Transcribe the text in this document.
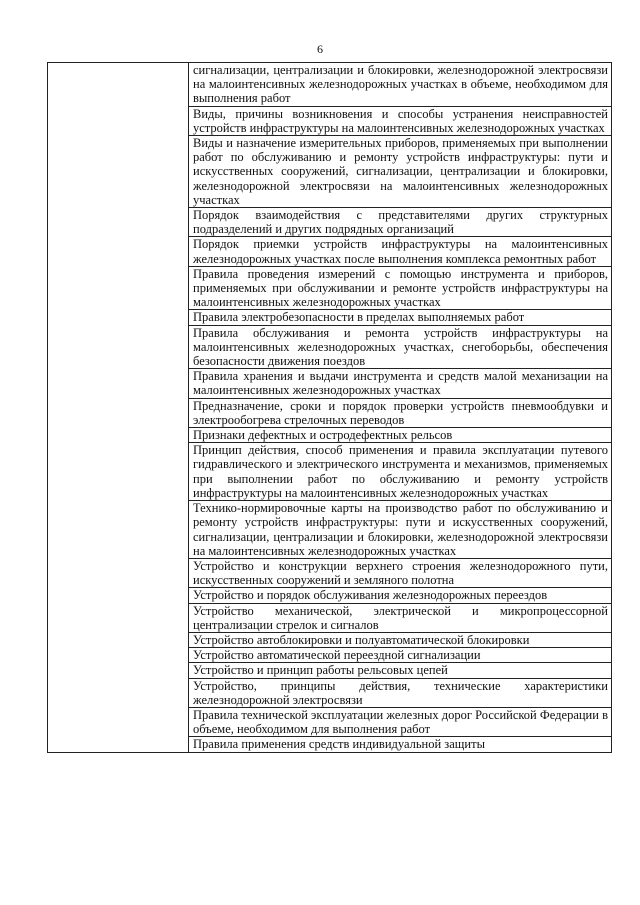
6
	сигнализации, централизации и блокировки, железнодорожной электросвязи на малоинтенсивных железнодорожных участках в объеме, необходимом для выполнения работ
Виды, причины возникновения и способы устранения неисправностей устройств инфраструктуры на малоинтенсивных железнодорожных участках
Виды и назначение измерительных приборов, применяемых при выполнении работ по обслуживанию и ремонту устройств инфраструктуры: пути и искусственных сооружений, сигнализации, централизации и блокировки, железнодорожной электросвязи на малоинтенсивных железнодорожных участках
Порядок взаимодействия с представителями других структурных подразделений и других подрядных организаций
Порядок приемки устройств инфраструктуры на малоинтенсивных железнодорожных участках после выполнения комплекса ремонтных работ
Правила проведения измерений с помощью инструмента и приборов, применяемых при обслуживании и ремонте устройств инфраструктуры на малоинтенсивных железнодорожных участках
Правила электробезопасности в пределах выполняемых работ
Правила обслуживания и ремонта устройств инфраструктуры на малоинтенсивных железнодорожных участках, снегоборьбы, обеспечения безопасности движения поездов
Правила хранения и выдачи инструмента и средств малой механизации на малоинтенсивных железнодорожных участках
Предназначение, сроки и порядок проверки устройств пневмообдувки и электрообогрева стрелочных переводов
Признаки дефектных и остродефектных рельсов
Принцип действия, способ применения и правила эксплуатации путевого гидравлического и электрического инструмента и механизмов, применяемых при выполнении работ по обслуживанию и ремонту устройств инфраструктуры на малоинтенсивных железнодорожных участках
Технико-нормировочные карты на производство работ по обслуживанию и ремонту устройств инфраструктуры: пути и искусственных сооружений, сигнализации, централизации и блокировки, железнодорожной электросвязи на малоинтенсивных железнодорожных участках
Устройство и конструкции верхнего строения железнодорожного пути, искусственных сооружений и земляного полотна
Устройство и порядок обслуживания железнодорожных переездов
Устройство механической, электрической и микропроцессорной централизации стрелок и сигналов
Устройство автоблокировки и полуавтоматической блокировки
Устройство автоматической переездной сигнализации
Устройство и принцип работы рельсовых цепей
Устройство, принципы действия, технические характеристики железнодорожной электросвязи
Правила технической эксплуатации железных дорог Российской Федерации в объеме, необходимом для выполнения работ
Правила применения средств индивидуальной защиты
